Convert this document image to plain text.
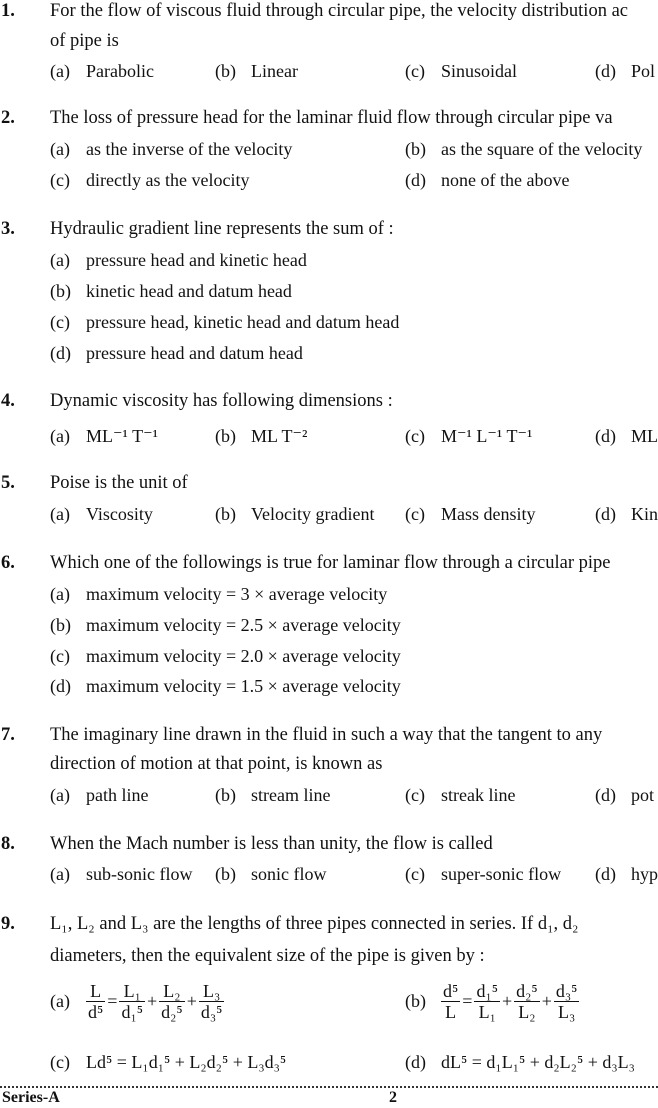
1. For the flow of viscous fluid through circular pipe, the velocity distribution ac
of pipe is
(a) Parabolic	(b) Linear	(c) Sinusoidal	(d) Pol
2. The loss of pressure head for the laminar fluid flow through circular pipe va
(a) as the inverse of the velocity	(b) as the square of the velocity
(c) directly as the velocity	(d) none of the above
3. Hydraulic gradient line represents the sum of :
(a) pressure head and kinetic head
(b) kinetic head and datum head
(c) pressure head, kinetic head and datum head
(d) pressure head and datum head
4. Dynamic viscosity has following dimensions :
(a) ML⁻¹ T⁻¹	(b) ML T⁻²	(c) M⁻¹ L⁻¹ T⁻¹	(d) ML
5. Poise is the unit of
(a) Viscosity	(b) Velocity gradient (c) Mass density	(d) Kin
6. Which one of the followings is true for laminar flow through a circular pipe
(a) maximum velocity = 3 × average velocity
(b) maximum velocity = 2.5 × average velocity
(c) maximum velocity = 2.0 × average velocity
(d) maximum velocity = 1.5 × average velocity
7. The imaginary line drawn in the fluid in such a way that the tangent to any
direction of motion at that point, is known as
(a) path line	(b) stream line	(c) streak line	(d) pot
8. When the Mach number is less than unity, the flow is called
(a) sub-sonic flow (b) sonic flow	(c) super-sonic flow (d) hyp
9. L₁, L₂ and L₃ are the lengths of three pipes connected in series. If d₁, d₂
diameters, then the equivalent size of the pipe is given by :
$(a) \frac{L}{\text{d⁵}} = \frac{\text{L₁}}{\text{d₁⁵}} + \frac{\text{L₂}}{\text{d₂⁵}} + \frac{\text{L₃}}{\text{d₃⁵}}$	$(b) \frac{\text{d⁵}}{L} = \frac{\text{d₁⁵}}{\text{L₁}} + \frac{\text{d₂⁵}}{\text{L₂}} + \frac{\text{d₃⁵}}{\text{L₃}}$
(c) Ld⁵ = L₁d₁⁵ + L₂d₂⁵ + L₃d₃⁵	(d) dL⁵ = d₁L₁⁵ + d₂L₂⁵ + d₃L₃
Series-A	2
